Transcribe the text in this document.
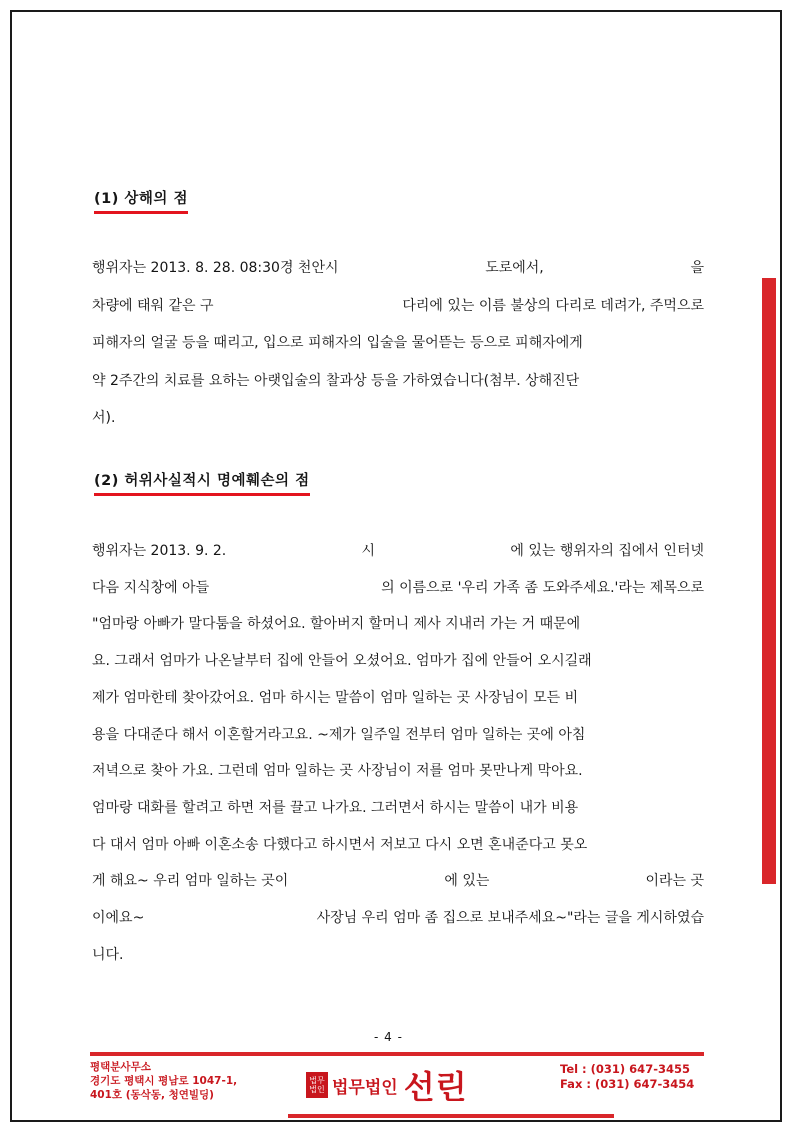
(1) 상해의 점
행위자는 2013. 8. 28. 08:30경 천안시	도로에서,	을
차량에 태워 같은 구	다리에 있는 이름 불상의 다리로 데려가, 주먹으로
피해자의 얼굴 등을 때리고, 입으로 피해자의 입술을 물어뜯는 등으로 피해자에게
약 2주간의 치료를 요하는 아랫입술의 찰과상 등을 가하였습니다(첨부. 상해진단
서).
(2) 허위사실적시 명예훼손의 점
행위자는 2013. 9. 2.	시	에 있는 행위자의 집에서 인터넷
다음 지식창에 아들	의 이름으로 '우리 가족 좀 도와주세요.'라는 제목으로
"엄마랑 아빠가 말다툼을 하셨어요. 할아버지 할머니 제사 지내러 가는 거 때문에
요. 그래서 엄마가 나온날부터 집에 안들어 오셨어요. 엄마가 집에 안들어 오시길래
제가 엄마한테 찾아갔어요. 엄마 하시는 말씀이 엄마 일하는 곳 사장님이 모든 비
용을 다대준다 해서 이혼할거라고요. ~제가 일주일 전부터 엄마 일하는 곳에 아침
저녁으로 찾아 가요. 그런데 엄마 일하는 곳 사장님이 저를 엄마 못만나게 막아요.
엄마랑 대화를 할려고 하면 저를 끌고 나가요. 그러면서 하시는 말씀이 내가 비용
다 대서 엄마 아빠 이혼소송 다했다고 하시면서 저보고 다시 오면 혼내준다고 못오
게 해요~ 우리 엄마 일하는 곳이	에 있는	이라는 곳
이에요~	사장님 우리 엄마 좀 집으로 보내주세요~"라는 글을 게시하였습
니다.
- 4 -
평택분사무소
경기도 평택시 평남로 1047-1,
401호 (동삭동, 청연빌딩)
법무
법인 법무법인 선린	Tel : (031) 647-3455
Fax : (031) 647-3454
